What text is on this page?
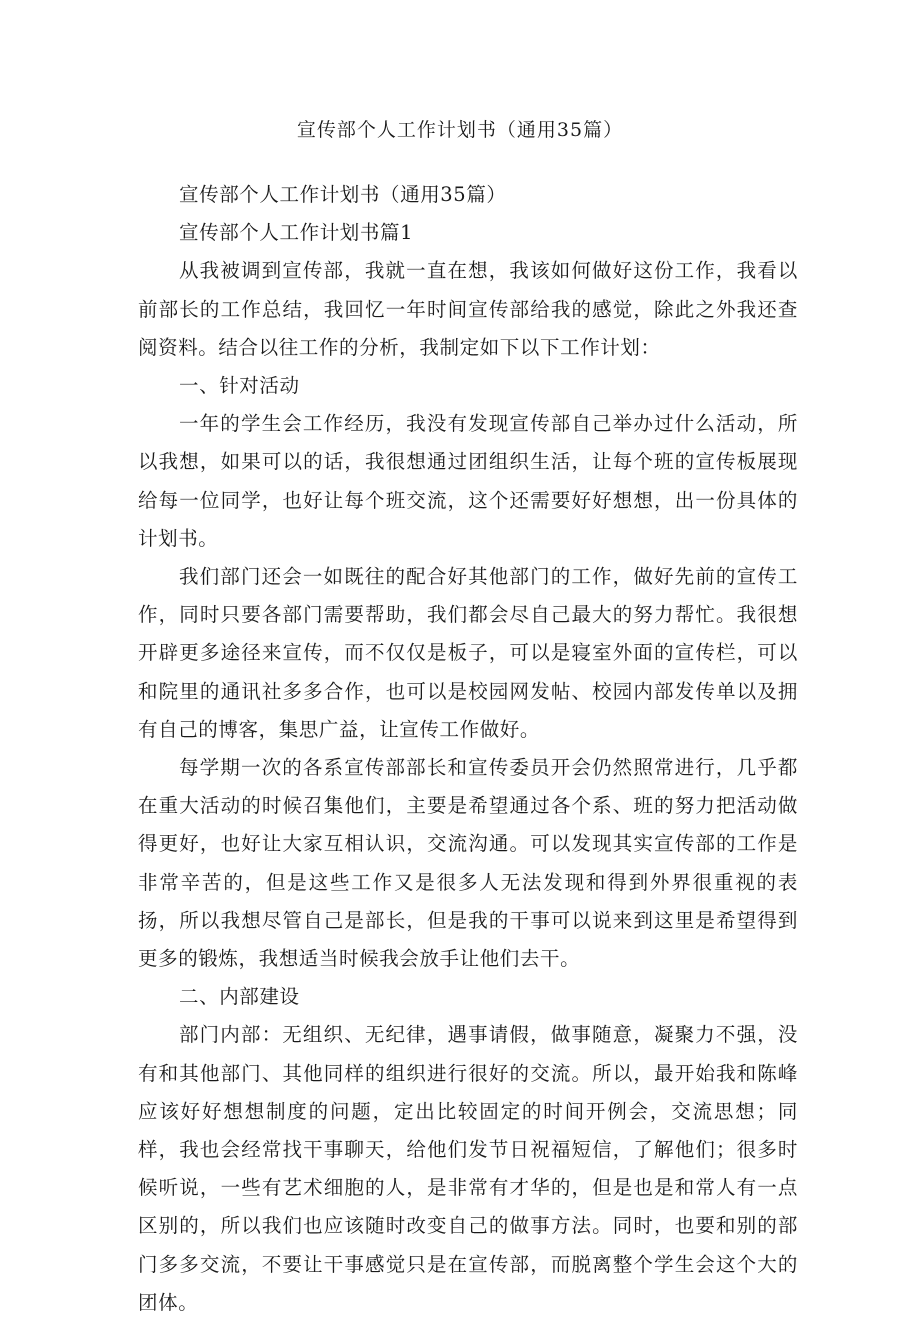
宣传部个人工作计划书（通用35篇）

宣传部个人工作计划书（通用35篇）

宣传部个人工作计划书篇1

从我被调到宣传部，我就一直在想，我该如何做好这份工作，我看以前部长的工作总结，我回忆一年时间宣传部给我的感觉，除此之外我还查阅资料。结合以往工作的分析，我制定如下以下工作计划：

一、针对活动

一年的学生会工作经历，我没有发现宣传部自己举办过什么活动，所以我想，如果可以的话，我很想通过团组织生活，让每个班的宣传板展现给每一位同学，也好让每个班交流，这个还需要好好想想，出一份具体的计划书。

我们部门还会一如既往的配合好其他部门的工作，做好先前的宣传工作，同时只要各部门需要帮助，我们都会尽自己最大的努力帮忙。我很想开辟更多途径来宣传，而不仅仅是板子，可以是寝室外面的宣传栏，可以和院里的通讯社多多合作，也可以是校园网发帖、校园内部发传单以及拥有自己的博客，集思广益，让宣传工作做好。

每学期一次的各系宣传部部长和宣传委员开会仍然照常进行，几乎都在重大活动的时候召集他们，主要是希望通过各个系、班的努力把活动做得更好，也好让大家互相认识，交流沟通。可以发现其实宣传部的工作是非常辛苦的，但是这些工作又是很多人无法发现和得到外界很重视的表扬，所以我想尽管自己是部长，但是我的干事可以说来到这里是希望得到更多的锻炼，我想适当时候我会放手让他们去干。

二、内部建设

部门内部：无组织、无纪律，遇事请假，做事随意，凝聚力不强，没有和其他部门、其他同样的组织进行很好的交流。所以，最开始我和陈峰应该好好想想制度的问题，定出比较固定的时间开例会，交流思想；同样，我也会经常找干事聊天，给他们发节日祝福短信，了解他们；很多时候听说，一些有艺术细胞的人，是非常有才华的，但是也是和常人有一点区别的，所以我们也应该随时改变自己的做事方法。同时，也要和别的部门多多交流，不要让干事感觉只是在宣传部，而脱离整个学生会这个大的团体。
